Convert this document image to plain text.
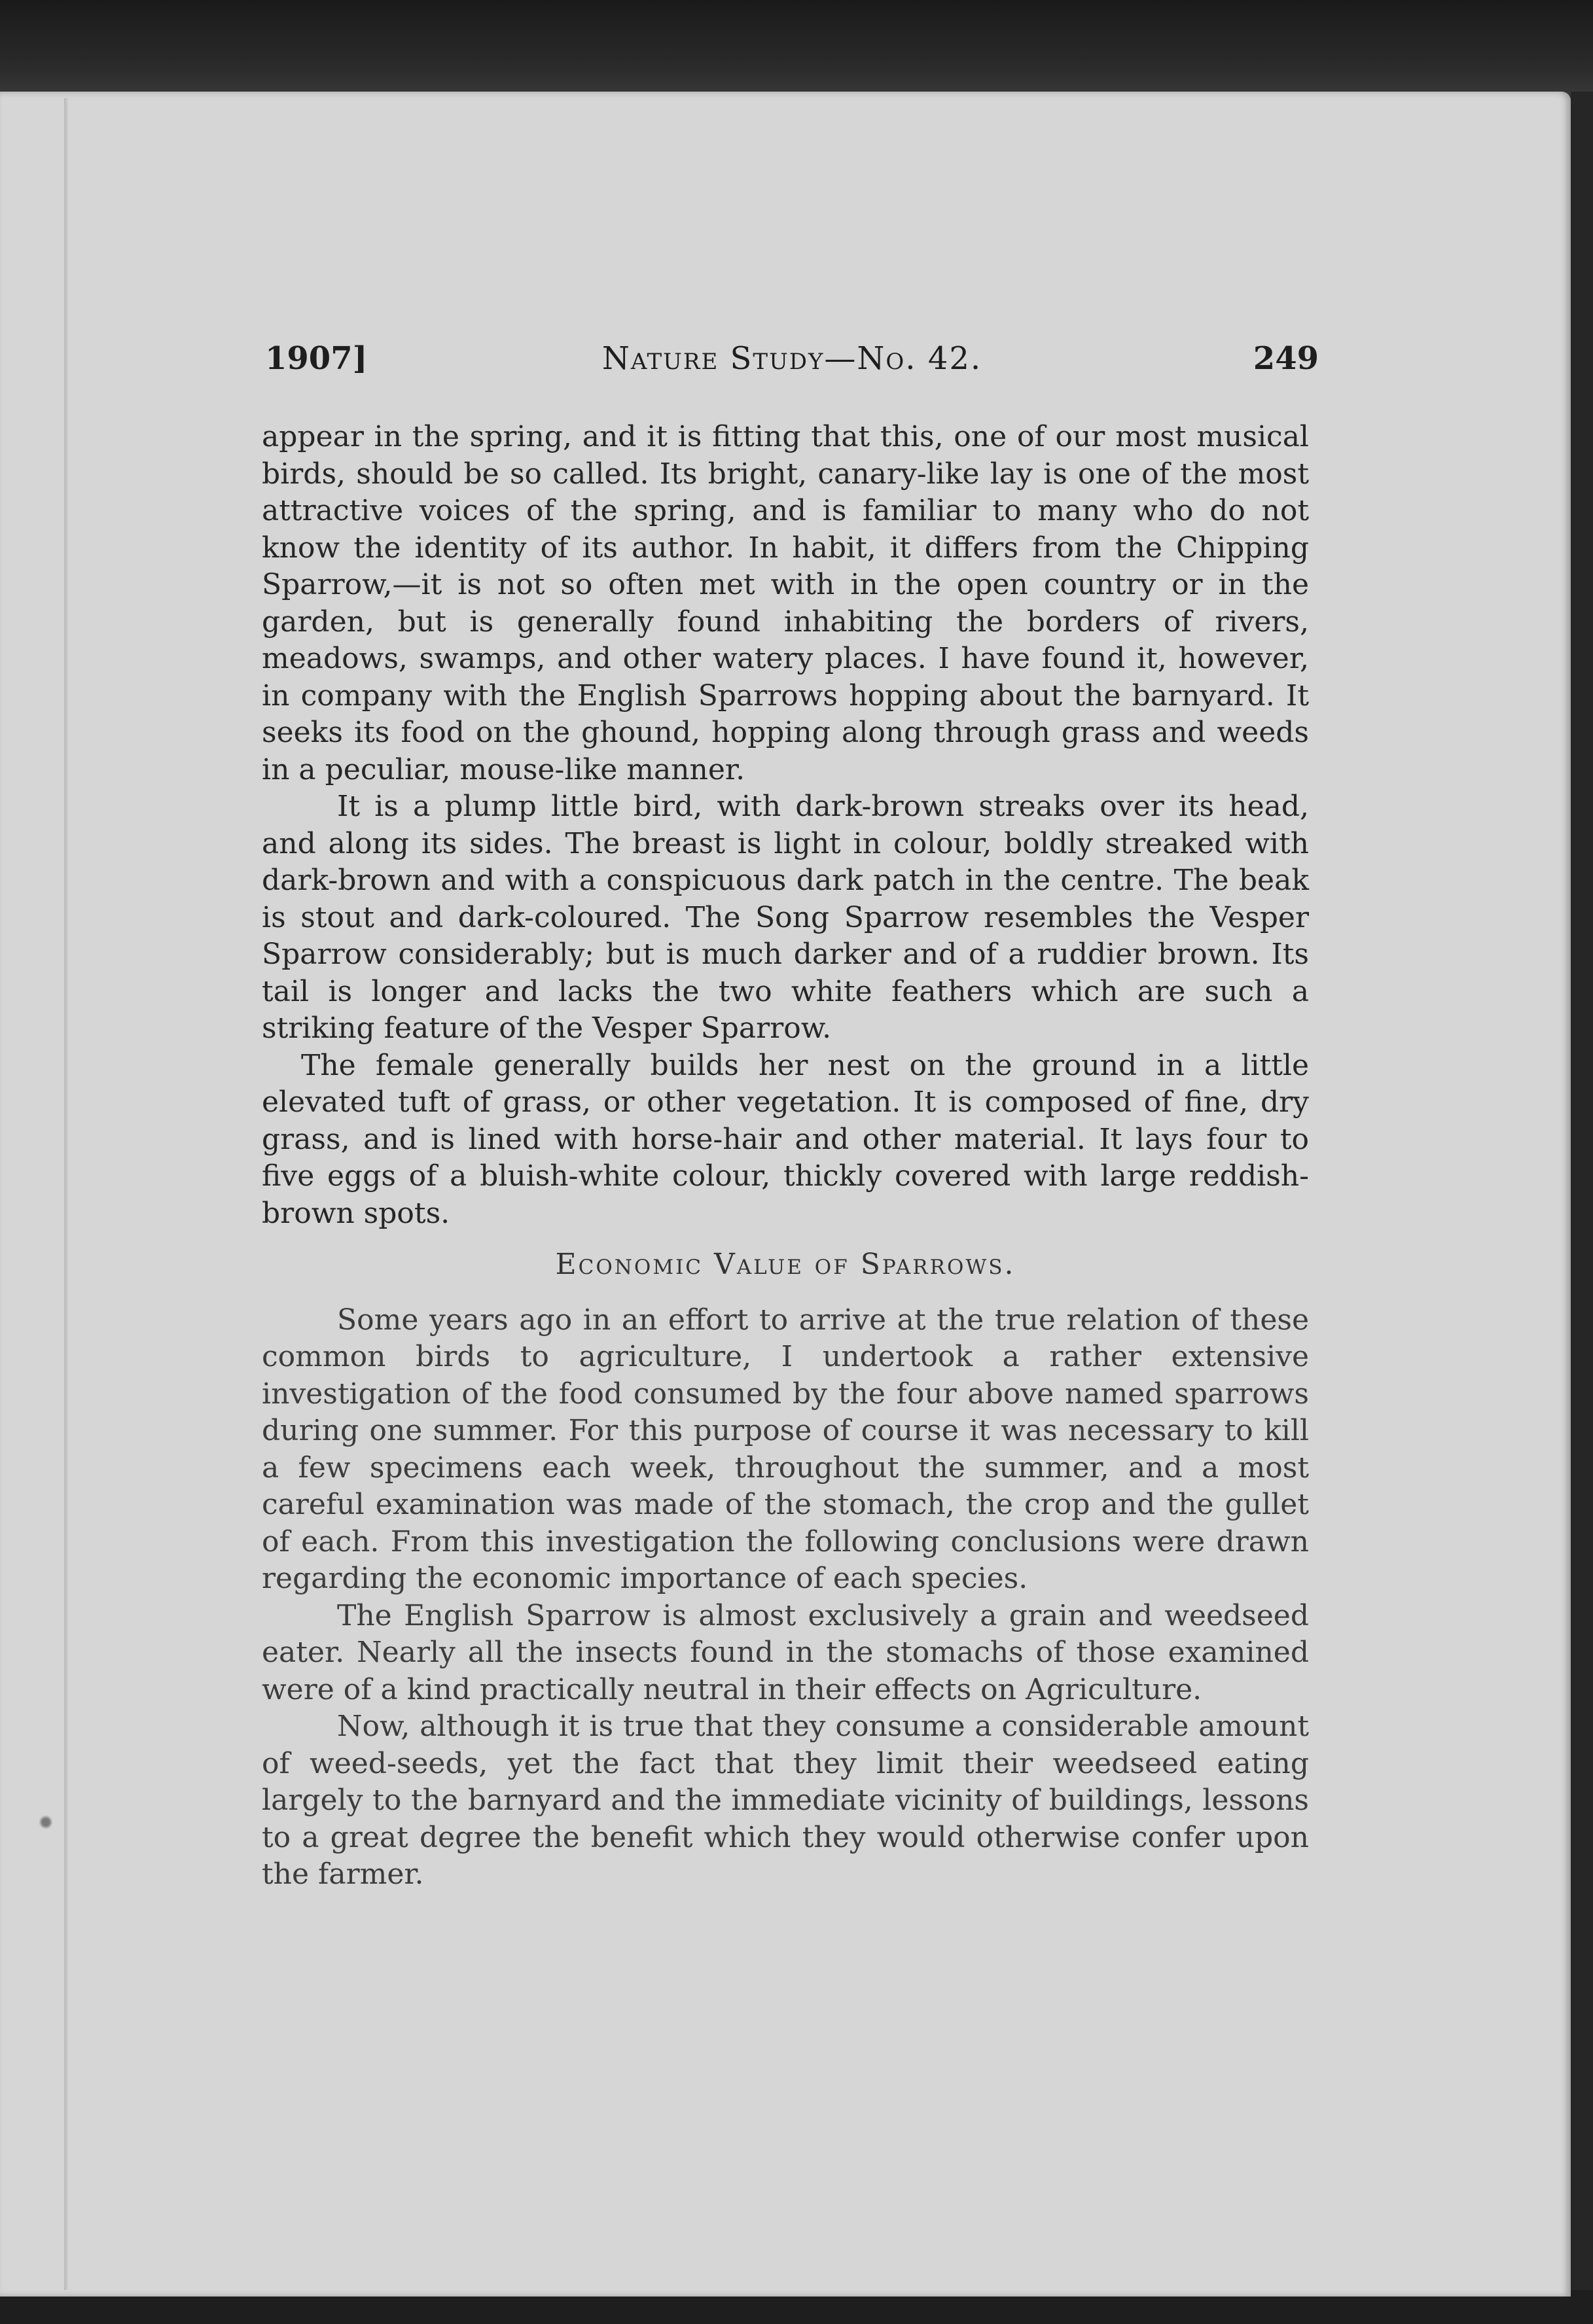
1907]	Nature Study—No. 42.	249

appear in the spring, and it is fitting that this, one of our most musical birds, should be so called. Its bright, canary-like lay is one of the most attractive voices of the spring, and is familiar to many who do not know the identity of its author. In habit, it differs from the Chipping Sparrow,—it is not so often met with in the open country or in the garden, but is generally found inhabiting the borders of rivers, meadows, swamps, and other watery places. I have found it, however, in company with the English Sparrows hopping about the barnyard. It seeks its food on the ghound, hopping along through grass and weeds in a peculiar, mouse-like manner.

It is a plump little bird, with dark-brown streaks over its head, and along its sides. The breast is light in colour, boldly streaked with dark-brown and with a conspicuous dark patch in the centre. The beak is stout and dark-coloured. The Song Sparrow resembles the Vesper Sparrow considerably; but is much darker and of a ruddier brown. Its tail is longer and lacks the two white feathers which are such a striking feature of the Vesper Sparrow.

The female generally builds her nest on the ground in a little elevated tuft of grass, or other vegetation. It is composed of fine, dry grass, and is lined with horse-hair and other material. It lays four to five eggs of a bluish-white colour, thickly covered with large reddish-brown spots.

Economic Value of Sparrows.

Some years ago in an effort to arrive at the true relation of these common birds to agriculture, I undertook a rather extensive investigation of the food consumed by the four above named sparrows during one summer. For this purpose of course it was necessary to kill a few specimens each week, throughout the summer, and a most careful examination was made of the stomach, the crop and the gullet of each. From this investigation the following conclusions were drawn regarding the economic importance of each species.

The English Sparrow is almost exclusively a grain and weedseed eater. Nearly all the insects found in the stomachs of those examined were of a kind practically neutral in their effects on Agriculture.

Now, although it is true that they consume a considerable amount of weed-seeds, yet the fact that they limit their weedseed eating largely to the barnyard and the immediate vicinity of buildings, lessons to a great degree the benefit which they would otherwise confer upon the farmer.
